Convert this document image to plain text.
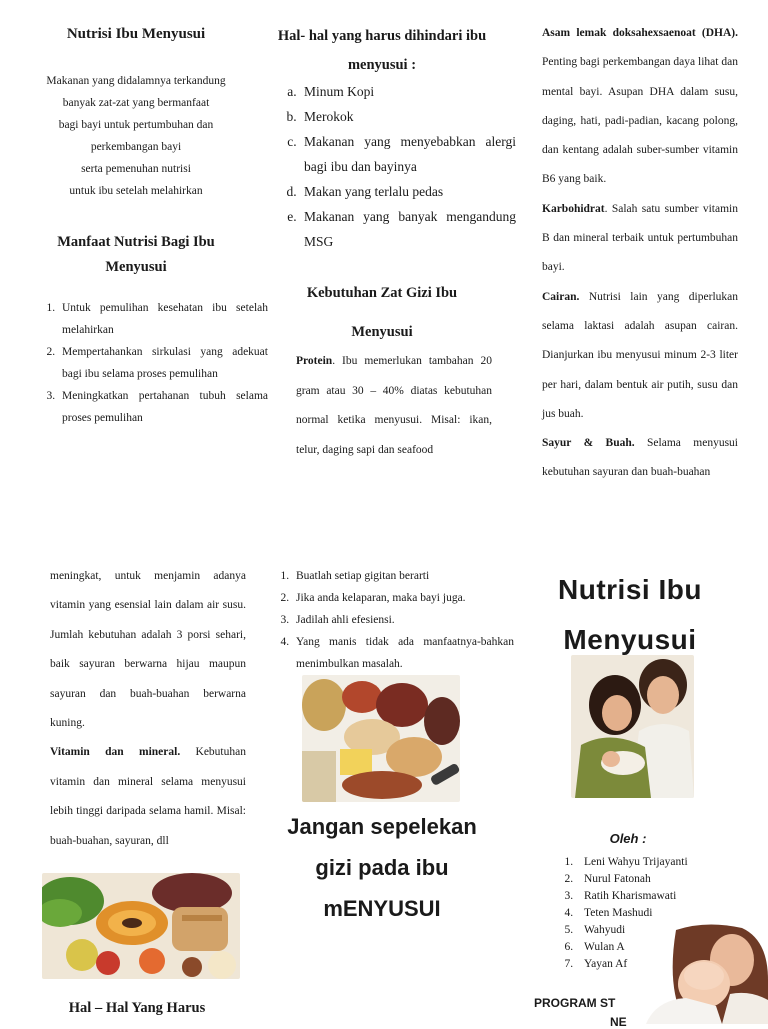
Nutrisi Ibu Menyusui
Makanan yang didalamnya terkandung
banyak zat-zat yang bermanfaat
bagi bayi untuk pertumbuhan dan
perkembangan bayi
serta pemenuhan nutrisi
untuk ibu setelah melahirkan
Manfaat Nutrisi Bagi Ibu Menyusui
1. Untuk pemulihan kesehatan ibu setelah melahirkan
2. Mempertahankan sirkulasi yang adekuat bagi ibu selama proses pemulihan
3. Meningkatkan pertahanan tubuh selama proses pemulihan
Hal- hal yang harus dihindari ibu menyusui :
a. Minum Kopi
b. Merokok
c. Makanan yang menyebabkan alergi bagi ibu dan bayinya
d. Makan yang terlalu pedas
e. Makanan yang banyak mengandung MSG
Kebutuhan Zat Gizi Ibu Menyusui
Protein. Ibu memerlukan tambahan 20 gram atau 30 – 40% diatas kebutuhan normal ketika menyusui. Misal: ikan, telur, daging sapi dan seafood
Asam lemak doksahexsaenoat (DHA). Penting bagi perkembangan daya lihat dan mental bayi. Asupan DHA dalam susu, daging, hati, padi-padian, kacang polong, dan kentang adalah suber-sumber vitamin B6 yang baik.
Karbohidrat. Salah satu sumber vitamin B dan mineral terbaik untuk pertumbuhan bayi.
Cairan. Nutrisi lain yang diperlukan selama laktasi adalah asupan cairan. Dianjurkan ibu menyusui minum 2-3 liter per hari, dalam bentuk air putih, susu dan jus buah.
Sayur & Buah. Selama menyusui kebutuhan sayuran dan buah-buahan
meningkat, untuk menjamin adanya vitamin yang esensial lain dalam air susu. Jumlah kebutuhan adalah 3 porsi sehari, baik sayuran berwarna hijau maupun sayuran dan buah-buahan berwarna kuning.
Vitamin dan mineral. Kebutuhan vitamin dan mineral selama menyusui lebih tinggi daripada selama hamil. Misal: buah-buahan, sayuran, dll
Hal – Hal Yang Harus
1. Buatlah setiap gigitan berarti
2. Jika anda kelaparan, maka bayi juga.
3. Jadilah ahli efesiensi.
4. Yang manis tidak ada manfaatnya-bahkan menimbulkan masalah.
Jangan sepelekan gizi pada ibu mENYUSUI
Nutrisi Ibu Menyusui
Oleh :
1. Leni Wahyu Trijayanti
2. Nurul Fatonah
3. Ratih Kharismawati
4. Teten Mashudi
5. Wahyudi
6. Wulan A
7. Yayan Af
PROGRAM ST
NE
